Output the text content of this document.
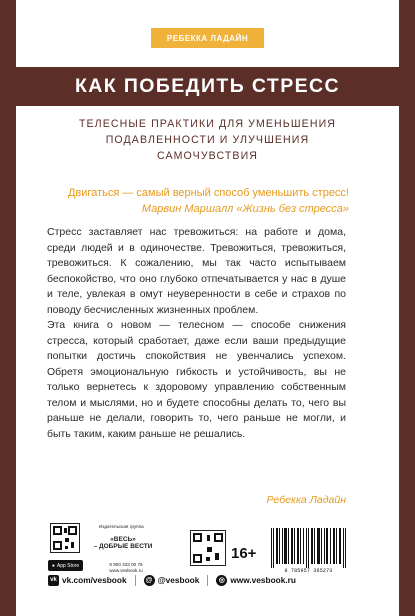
РЕБЕККА ЛАДАЙН
КАК ПОБЕДИТЬ СТРЕСС
ТЕЛЕСНЫЕ ПРАКТИКИ ДЛЯ УМЕНЬШЕНИЯ
ПОДАВЛЕННОСТИ И УЛУЧШЕНИЯ
САМОЧУВСТВИЯ
Двигаться — самый верный способ уменьшить стресс!
Марвин Маршалл «Жизнь без стресса»

Стресс заставляет нас тревожиться: на работе и дома, среди людей и в одиночестве. Тревожиться, тревожиться, тревожиться. К сожалению, мы так часто испытываем беспокойство, что оно глубоко отпечатывается у нас в душе и теле, увлекая в омут неуверенности в себе и страхов по поводу бесчисленных жизненных проблем.

Эта книга о новом — телесном — способе снижения стресса, который сработает, даже если ваши предыдущие попытки достичь спокойствия не увенчались успехом. Обретя эмоциональную гибкость и устойчивость, вы не только вернетесь к здоровому управлению собственным телом и мыслями, но и будете способны делать то, чего вы раньше не делали, говорить то, чего раньше не могли, и быть таким, каким раньше не решались.

Ребекка Ладайн
● App Store
Издательская группа
«ВЕСЬ»
– ДОБРЫЕ ВЕСТИ
8 800 333 00 76
www.vesbook.ru
16+
9 785957 365273
vk vk.com/vesbook	@ @vesbook	◎ www.vesbook.ru
